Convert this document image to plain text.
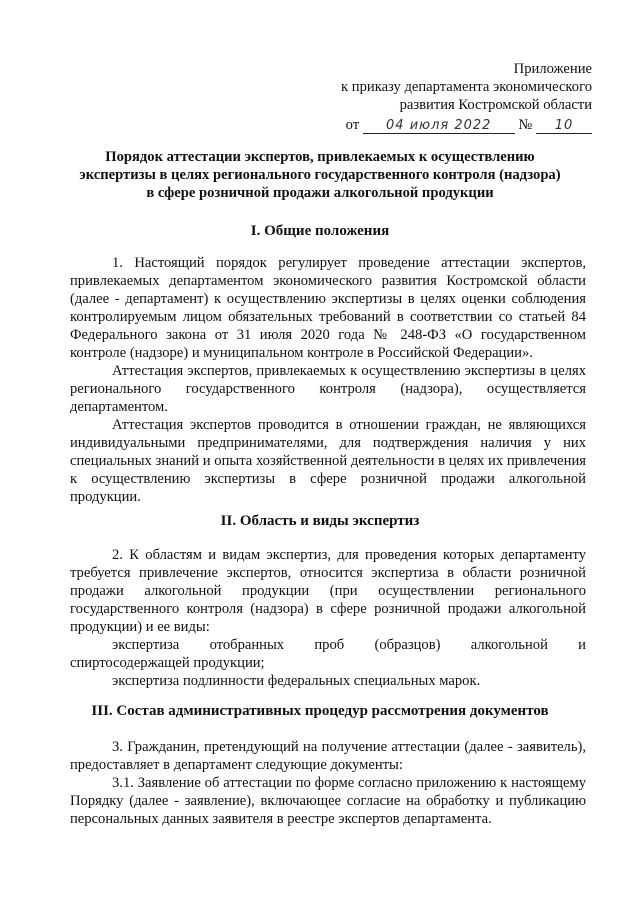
Приложение
к приказу департамента экономического
развития Костромской области
от 04 июля 2022 № 10
Порядок аттестации экспертов, привлекаемых к осуществлению
экспертизы в целях регионального государственного контроля (надзора)
в сфере розничной продажи алкогольной продукции
I. Общие положения

1. Настоящий порядок регулирует проведение аттестации экспертов, привлекаемых департаментом экономического развития Костромской области (далее - департамент) к осуществлению экспертизы в целях оценки соблюдения контролируемым лицом обязательных требований в соответствии со статьей 84 Федерального закона от 31 июля 2020 года № 248-ФЗ «О государственном контроле (надзоре) и муниципальном контроле в Российской Федерации».

Аттестация экспертов, привлекаемых к осуществлению экспертизы в целях регионального государственного контроля (надзора), осуществляется департаментом.

Аттестация экспертов проводится в отношении граждан, не являющихся индивидуальными предпринимателями, для подтверждения наличия у них специальных знаний и опыта хозяйственной деятельности в целях их привлечения к осуществлению экспертизы в сфере розничной продажи алкогольной продукции.

II. Область и виды экспертиз

2. К областям и видам экспертиз, для проведения которых департаменту требуется привлечение экспертов, относится экспертиза в области розничной продажи алкогольной продукции (при осуществлении регионального государственного контроля (надзора) в сфере розничной продажи алкогольной продукции) и ее виды:

экспертиза отобранных проб (образцов) алкогольной и

спиртосодержащей продукции;

экспертиза подлинности федеральных специальных марок.

III. Состав административных процедур рассмотрения документов

3. Гражданин, претендующий на получение аттестации (далее - заявитель), предоставляет в департамент следующие документы:

3.1. Заявление об аттестации по форме согласно приложению к настоящему Порядку (далее - заявление), включающее согласие на обработку и публикацию персональных данных заявителя в реестре экспертов департамента.
